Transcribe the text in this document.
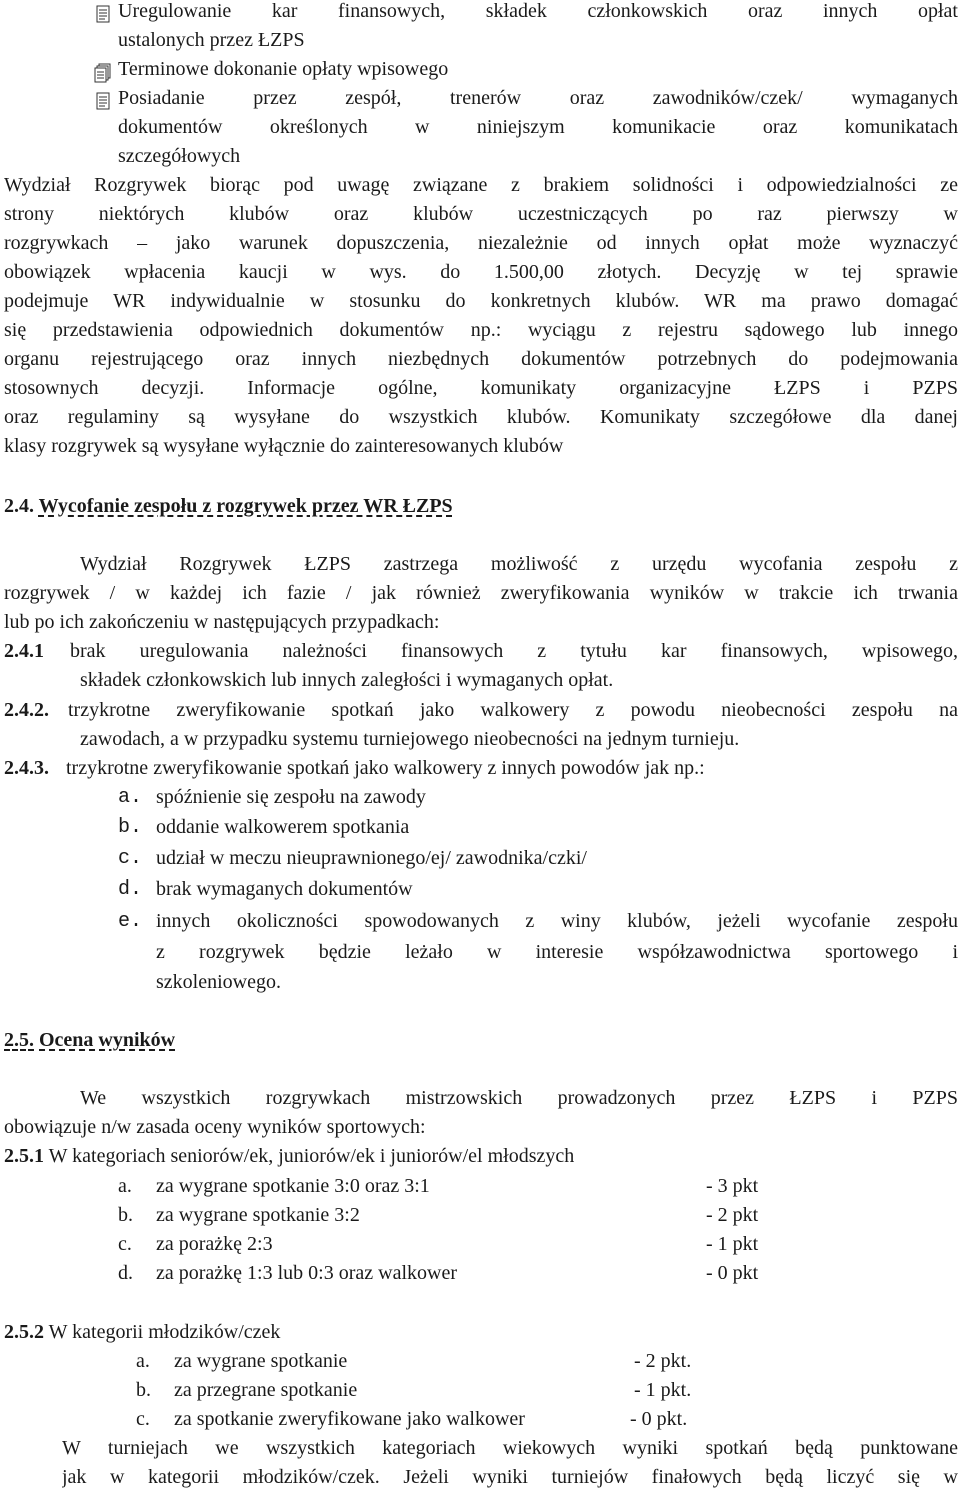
Uregulowanie kar finansowych, składek członkowskich oraz innych opłat
ustalonych przez ŁZPS
Terminowe dokonanie opłaty wpisowego
Posiadanie przez zespół, trenerów oraz zawodników/czek/ wymaganych
dokumentów określonych w niniejszym komunikacie oraz komunikatach
szczegółowych
Wydział Rozgrywek biorąc pod uwagę związane z brakiem solidności i odpowiedzialności ze
strony niektórych klubów oraz klubów uczestniczących po raz pierwszy w
rozgrywkach – jako warunek dopuszczenia, niezależnie od innych opłat może wyznaczyć
obowiązek wpłacenia kaucji w wys. do 1.500,00 złotych. Decyzję w tej sprawie
podejmuje WR indywidualnie w stosunku do konkretnych klubów. WR ma prawo domagać
się przedstawienia odpowiednich dokumentów np.: wyciągu z rejestru sądowego lub innego
organu rejestrującego oraz innych niezbędnych dokumentów potrzebnych do podejmowania
stosownych decyzji. Informacje ogólne, komunikaty organizacyjne ŁZPS i PZPS
oraz regulaminy są wysyłane do wszystkich klubów. Komunikaty szczegółowe dla danej
klasy rozgrywek są wysyłane wyłącznie do zainteresowanych klubów
2.4. Wycofanie zespołu z rozgrywek przez WR ŁZPS
Wydział Rozgrywek ŁZPS zastrzega możliwość z urzędu wycofania zespołu z
rozgrywek / w każdej ich fazie / jak również zweryfikowania wyników w trakcie ich trwania
lub po ich zakończeniu w następujących przypadkach:
2.4.1 brak uregulowania należności finansowych z tytułu kar finansowych, wpisowego,
składek członkowskich lub innych zaległości i wymaganych opłat.
2.4.2. trzykrotne zweryfikowanie spotkań jako walkowery z powodu nieobecności zespołu na
zawodach, a w przypadku systemu turniejowego nieobecności na jednym turnieju.
2.4.3. trzykrotne zweryfikowanie spotkań jako walkowery z innych powodów jak np.:
a. spóźnienie się zespołu na zawody
b. oddanie walkowerem spotkania
c. udział w meczu nieuprawnionego/ej/ zawodnika/czki/
d. brak wymaganych dokumentów
e. innych okoliczności spowodowanych z winy klubów, jeżeli wycofanie zespołu
z rozgrywek będzie leżało w interesie współzawodnictwa sportowego i
szkoleniowego.
2.5. Ocena wyników
We wszystkich rozgrywkach mistrzowskich prowadzonych przez ŁZPS i PZPS
obowiązuje n/w zasada oceny wyników sportowych:
2.5.1 W kategoriach seniorów/ek, juniorów/ek i juniorów/el młodszych
a. za wygrane spotkanie 3:0 oraz 3:1	- 3 pkt
b. za wygrane spotkanie 3:2	- 2 pkt
c. za porażkę 2:3	- 1 pkt
d. za porażkę 1:3 lub 0:3 oraz walkower	- 0 pkt
2.5.2 W kategorii młodzików/czek
a. za wygrane spotkanie	- 2 pkt.
b. za przegrane spotkanie	- 1 pkt.
c. za spotkanie zweryfikowane jako walkower	- 0 pkt.
W turniejach we wszystkich kategoriach wiekowych wyniki spotkań będą punktowane
jak w kategorii młodzików/czek. Jeżeli wyniki turniejów finałowych będą liczyć się w
